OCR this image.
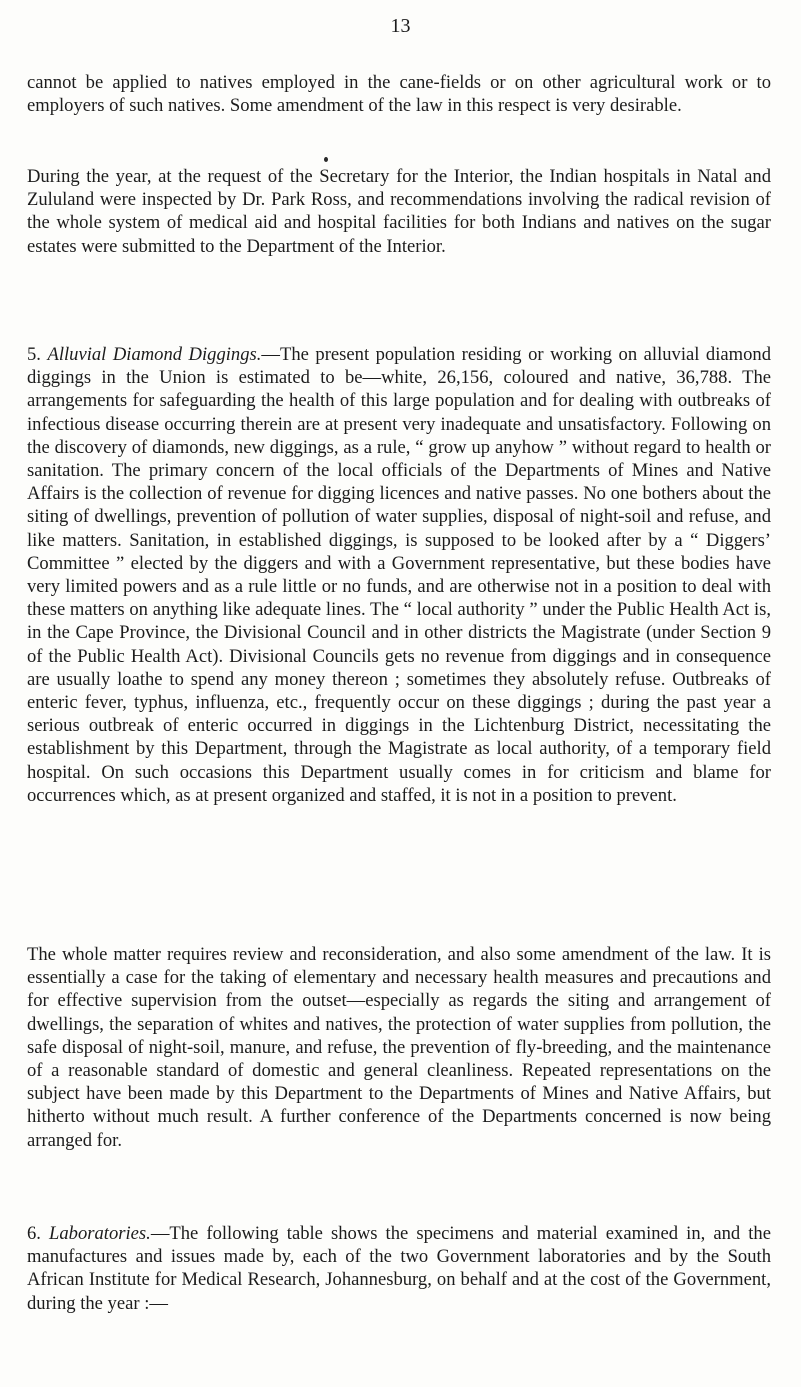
13

cannot be applied to natives employed in the cane-fields or on other agricultural work or to employers of such natives. Some amendment of the law in this respect is very desirable.

During the year, at the request of the Secretary for the Interior, the Indian hospitals in Natal and Zululand were inspected by Dr. Park Ross, and recommendations involving the radical revision of the whole system of medical aid and hospital facilities for both Indians and natives on the sugar estates were submitted to the Department of the Interior.

5. Alluvial Diamond Diggings.—The present population residing or working on alluvial diamond diggings in the Union is estimated to be—white, 26,156, coloured and native, 36,788. The arrangements for safeguarding the health of this large population and for dealing with outbreaks of infectious disease occurring therein are at present very inadequate and unsatisfactory. Following on the discovery of diamonds, new diggings, as a rule, “ grow up anyhow ” without regard to health or sanitation. The primary concern of the local officials of the Departments of Mines and Native Affairs is the collection of revenue for digging licences and native passes. No one bothers about the siting of dwellings, prevention of pollution of water supplies, disposal of night-soil and refuse, and like matters. Sanitation, in established diggings, is supposed to be looked after by a “ Diggers’ Committee ” elected by the diggers and with a Government representative, but these bodies have very limited powers and as a rule little or no funds, and are otherwise not in a position to deal with these matters on anything like adequate lines. The “ local authority ” under the Public Health Act is, in the Cape Province, the Divisional Council and in other districts the Magistrate (under Section 9 of the Public Health Act). Divisional Councils gets no revenue from diggings and in consequence are usually loathe to spend any money thereon ; sometimes they absolutely refuse. Outbreaks of enteric fever, typhus, influenza, etc., frequently occur on these diggings ; during the past year a serious outbreak of enteric occurred in diggings in the Lichtenburg District, necessitating the establishment by this Department, through the Magistrate as local authority, of a temporary field hospital. On such occasions this Department usually comes in for criticism and blame for occurrences which, as at present organized and staffed, it is not in a position to prevent.

The whole matter requires review and reconsideration, and also some amendment of the law. It is essentially a case for the taking of elementary and necessary health measures and precautions and for effective supervision from the outset—especially as regards the siting and arrangement of dwellings, the separation of whites and natives, the protection of water supplies from pollution, the safe disposal of night-soil, manure, and refuse, the prevention of fly-breeding, and the maintenance of a reasonable standard of domestic and general cleanliness. Repeated representations on the subject have been made by this Department to the Departments of Mines and Native Affairs, but hitherto without much result. A further conference of the Departments concerned is now being arranged for.

6. Laboratories.—The following table shows the specimens and material examined in, and the manufactures and issues made by, each of the two Government laboratories and by the South African Institute for Medical Research, Johannesburg, on behalf and at the cost of the Government, during the year :—
